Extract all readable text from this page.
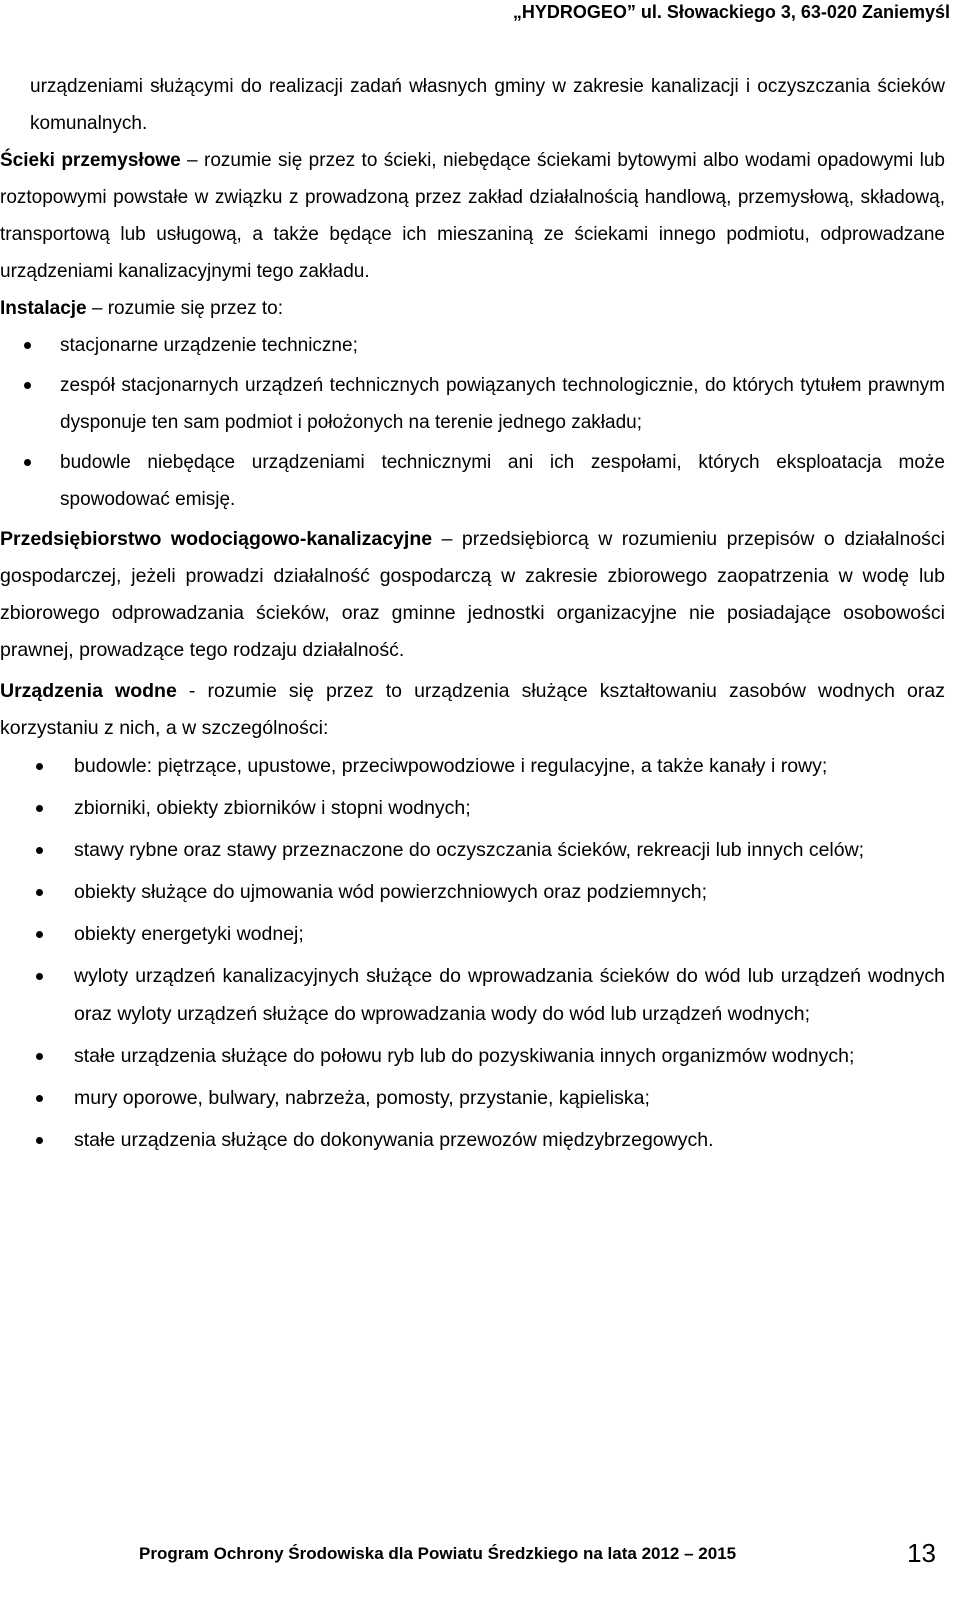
„HYDROGEO” ul. Słowackiego 3, 63-020 Zaniemyśl

urządzeniami służącymi do realizacji zadań własnych gminy w zakresie kanalizacji i oczyszczania ścieków komunalnych.

Ścieki przemysłowe – rozumie się przez to ścieki, niebędące ściekami bytowymi albo wodami opadowymi lub roztopowymi powstałe w związku z prowadzoną przez zakład działalnością handlową, przemysłową, składową, transportową lub usługową, a także będące ich mieszaniną ze ściekami innego podmiotu, odprowadzane urządzeniami kanalizacyjnymi tego zakładu.

Instalacje – rozumie się przez to:

stacjonarne urządzenie techniczne;
zespół stacjonarnych urządzeń technicznych powiązanych technologicznie, do których tytułem prawnym dysponuje ten sam podmiot i położonych na terenie jednego zakładu;
budowle niebędące urządzeniami technicznymi ani ich zespołami, których eksploatacja może spowodować emisję.

Przedsiębiorstwo wodociągowo-kanalizacyjne – przedsiębiorcą w rozumieniu przepisów o działalności gospodarczej, jeżeli prowadzi działalność gospodarczą w zakresie zbiorowego zaopatrzenia w wodę lub zbiorowego odprowadzania ścieków, oraz gminne jednostki organizacyjne nie posiadające osobowości prawnej, prowadzące tego rodzaju działalność.

Urządzenia wodne - rozumie się przez to urządzenia służące kształtowaniu zasobów wodnych oraz korzystaniu z nich, a w szczególności:

budowle: piętrzące, upustowe, przeciwpowodziowe i regulacyjne, a także kanały i rowy;
zbiorniki, obiekty zbiorników i stopni wodnych;
stawy rybne oraz stawy przeznaczone do oczyszczania ścieków, rekreacji lub innych celów;
obiekty służące do ujmowania wód powierzchniowych oraz podziemnych;
obiekty energetyki wodnej;
wyloty urządzeń kanalizacyjnych służące do wprowadzania ścieków do wód lub urządzeń wodnych oraz wyloty urządzeń służące do wprowadzania wody do wód lub urządzeń wodnych;
stałe urządzenia służące do połowu ryb lub do pozyskiwania innych organizmów wodnych;
mury oporowe, bulwary, nabrzeża, pomosty, przystanie, kąpieliska;
stałe urządzenia służące do dokonywania przewozów międzybrzegowych.
Program Ochrony Środowiska dla Powiatu Średzkiego na lata 2012 – 2015	13
